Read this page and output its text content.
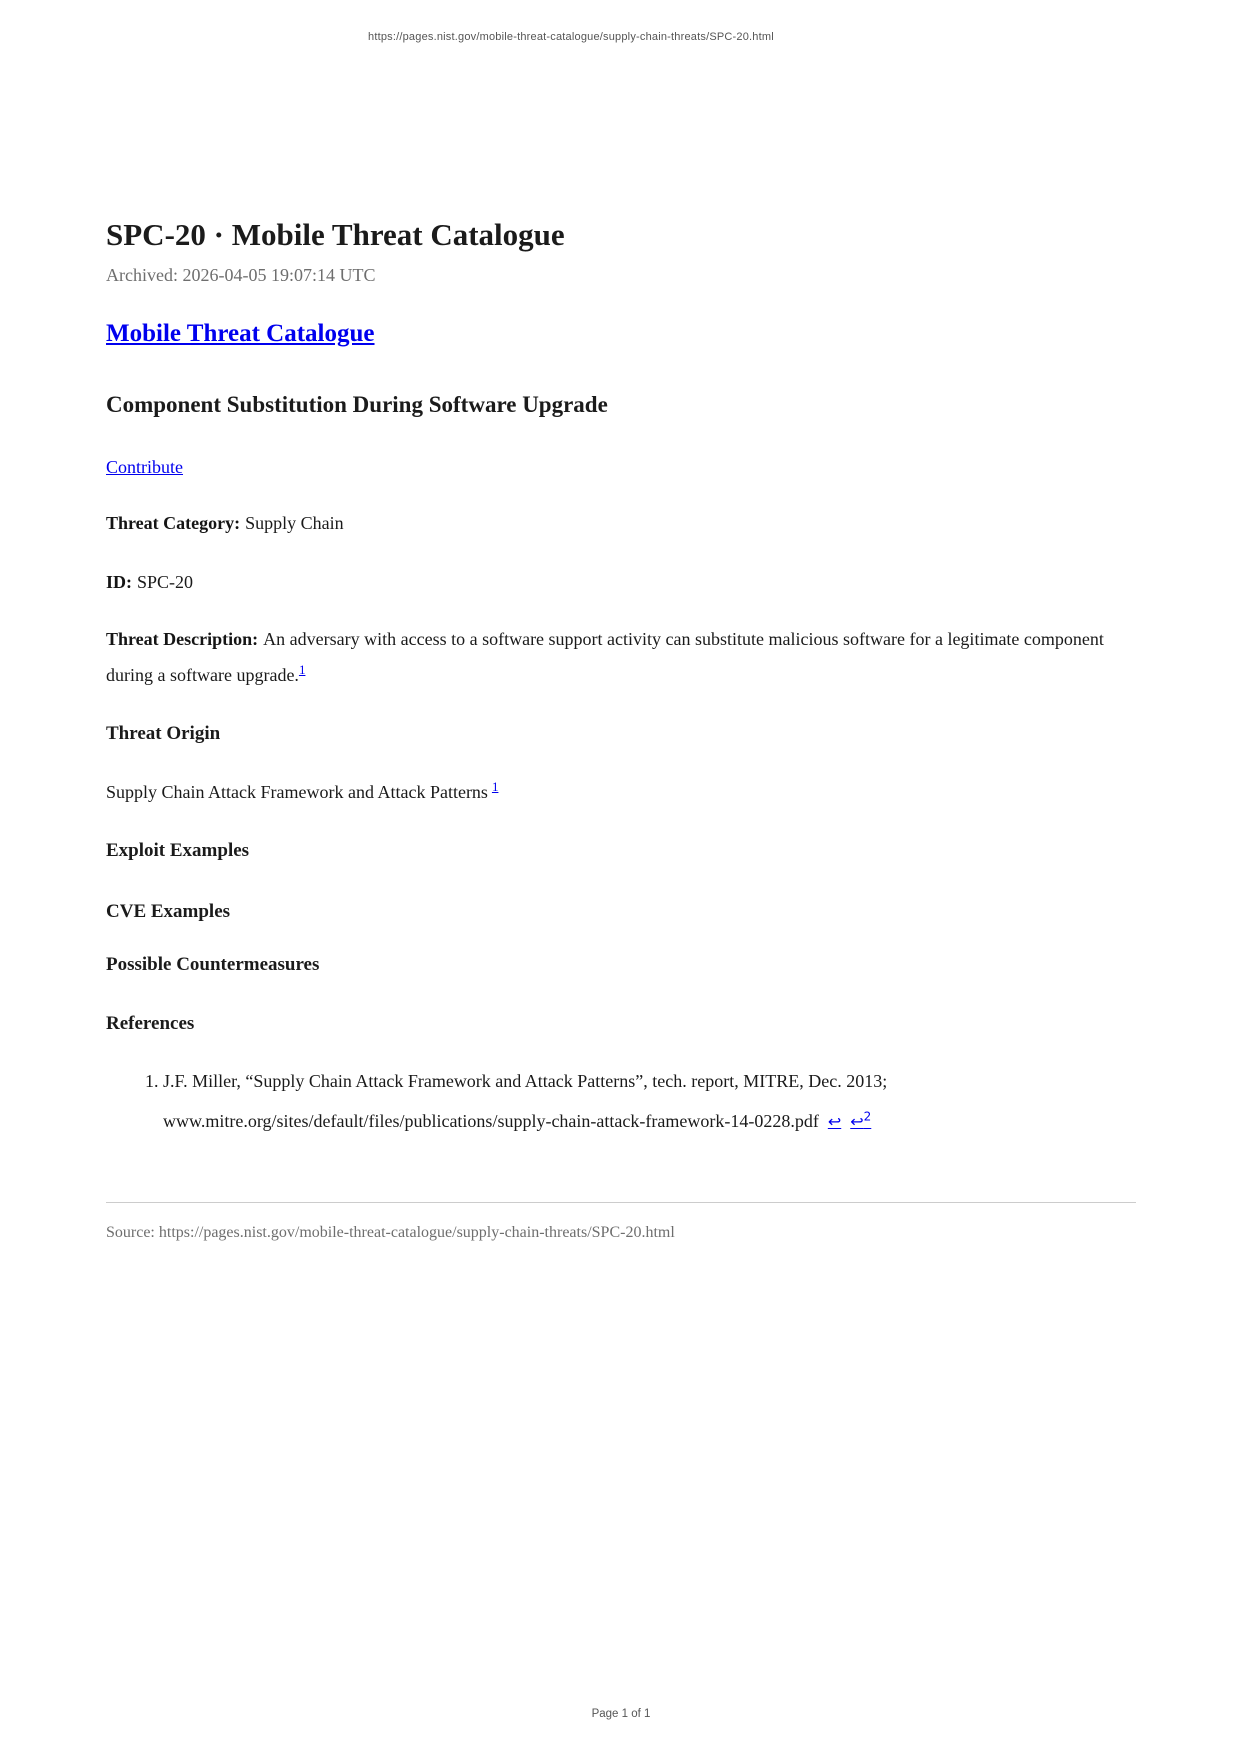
https://pages.nist.gov/mobile-threat-catalogue/supply-chain-threats/SPC-20.html
SPC-20 · Mobile Threat Catalogue

Archived: 2026-04-05 19:07:14 UTC

Mobile Threat Catalogue
Component Substitution During Software Upgrade

Contribute

Threat Category: Supply Chain

ID: SPC-20

Threat Description: An adversary with access to a software support activity can substitute malicious software for a legitimate component during a software upgrade.$^1$

Threat Origin

Supply Chain Attack Framework and Attack Patterns $^1$

Exploit Examples
CVE Examples
Possible Countermeasures
References
1. J.F. Miller, “Supply Chain Attack Framework and Attack Patterns”, tech. report, MITRE, Dec. 2013; www.mitre.org/sites/default/files/publications/supply-chain-attack-framework-14-0228.pdf ↩ ↩$^2$

Source: https://pages.nist.gov/mobile-threat-catalogue/supply-chain-threats/SPC-20.html

Page 1 of 1
